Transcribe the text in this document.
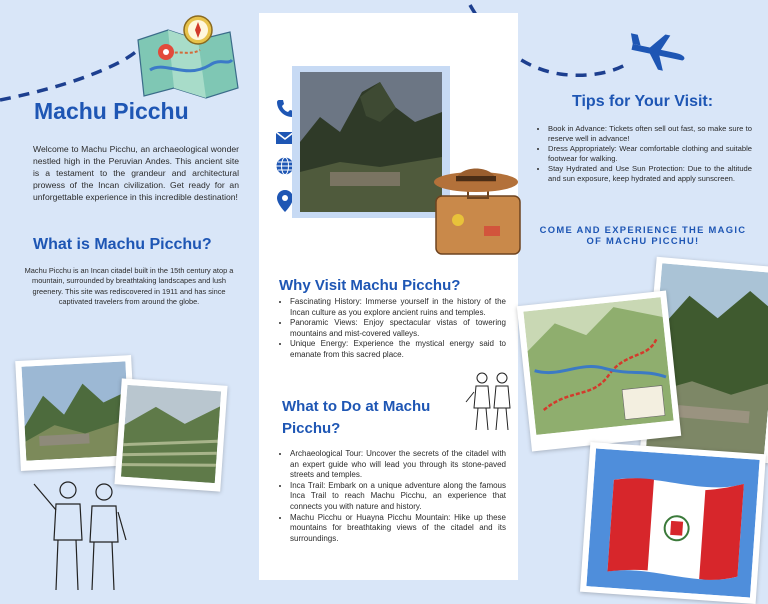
Machu Picchu
Welcome to Machu Picchu, an archaeological wonder nestled high in the Peruvian Andes. This ancient site is a testament to the grandeur and architectural prowess of the Incan civilization. Get ready for an unforgettable experience in this incredible destination!
What is Machu Picchu?
Machu Picchu is an Incan citadel built in the 15th century atop a mountain, surrounded by breathtaking landscapes and lush greenery. This site was rediscovered in 1911 and has since captivated travelers from around the globe.
Why Visit Machu Picchu?
• Fascinating History: Immerse yourself in the history of the Incan culture as you explore ancient ruins and temples.
• Panoramic Views: Enjoy spectacular vistas of towering mountains and mist-covered valleys.
• Unique Energy: Experience the mystical energy said to emanate from this sacred place.
What to Do at Machu Picchu?
• Archaeological Tour: Uncover the secrets of the citadel with an expert guide who will lead you through its stone-paved streets and temples.
• Inca Trail: Embark on a unique adventure along the famous Inca Trail to reach Machu Picchu, an experience that connects you with nature and history.
• Machu Picchu or Huayna Picchu Mountain: Hike up these mountains for breathtaking views of the citadel and its surroundings.
Tips for Your Visit:
• Book in Advance: Tickets often sell out fast, so make sure to reserve well in advance!
• Dress Appropriately: Wear comfortable clothing and suitable footwear for walking.
• Stay Hydrated and Use Sun Protection: Due to the altitude and sun exposure, keep hydrated and apply sunscreen.
COME AND EXPERIENCE THE MAGIC OF MACHU PICCHU!
